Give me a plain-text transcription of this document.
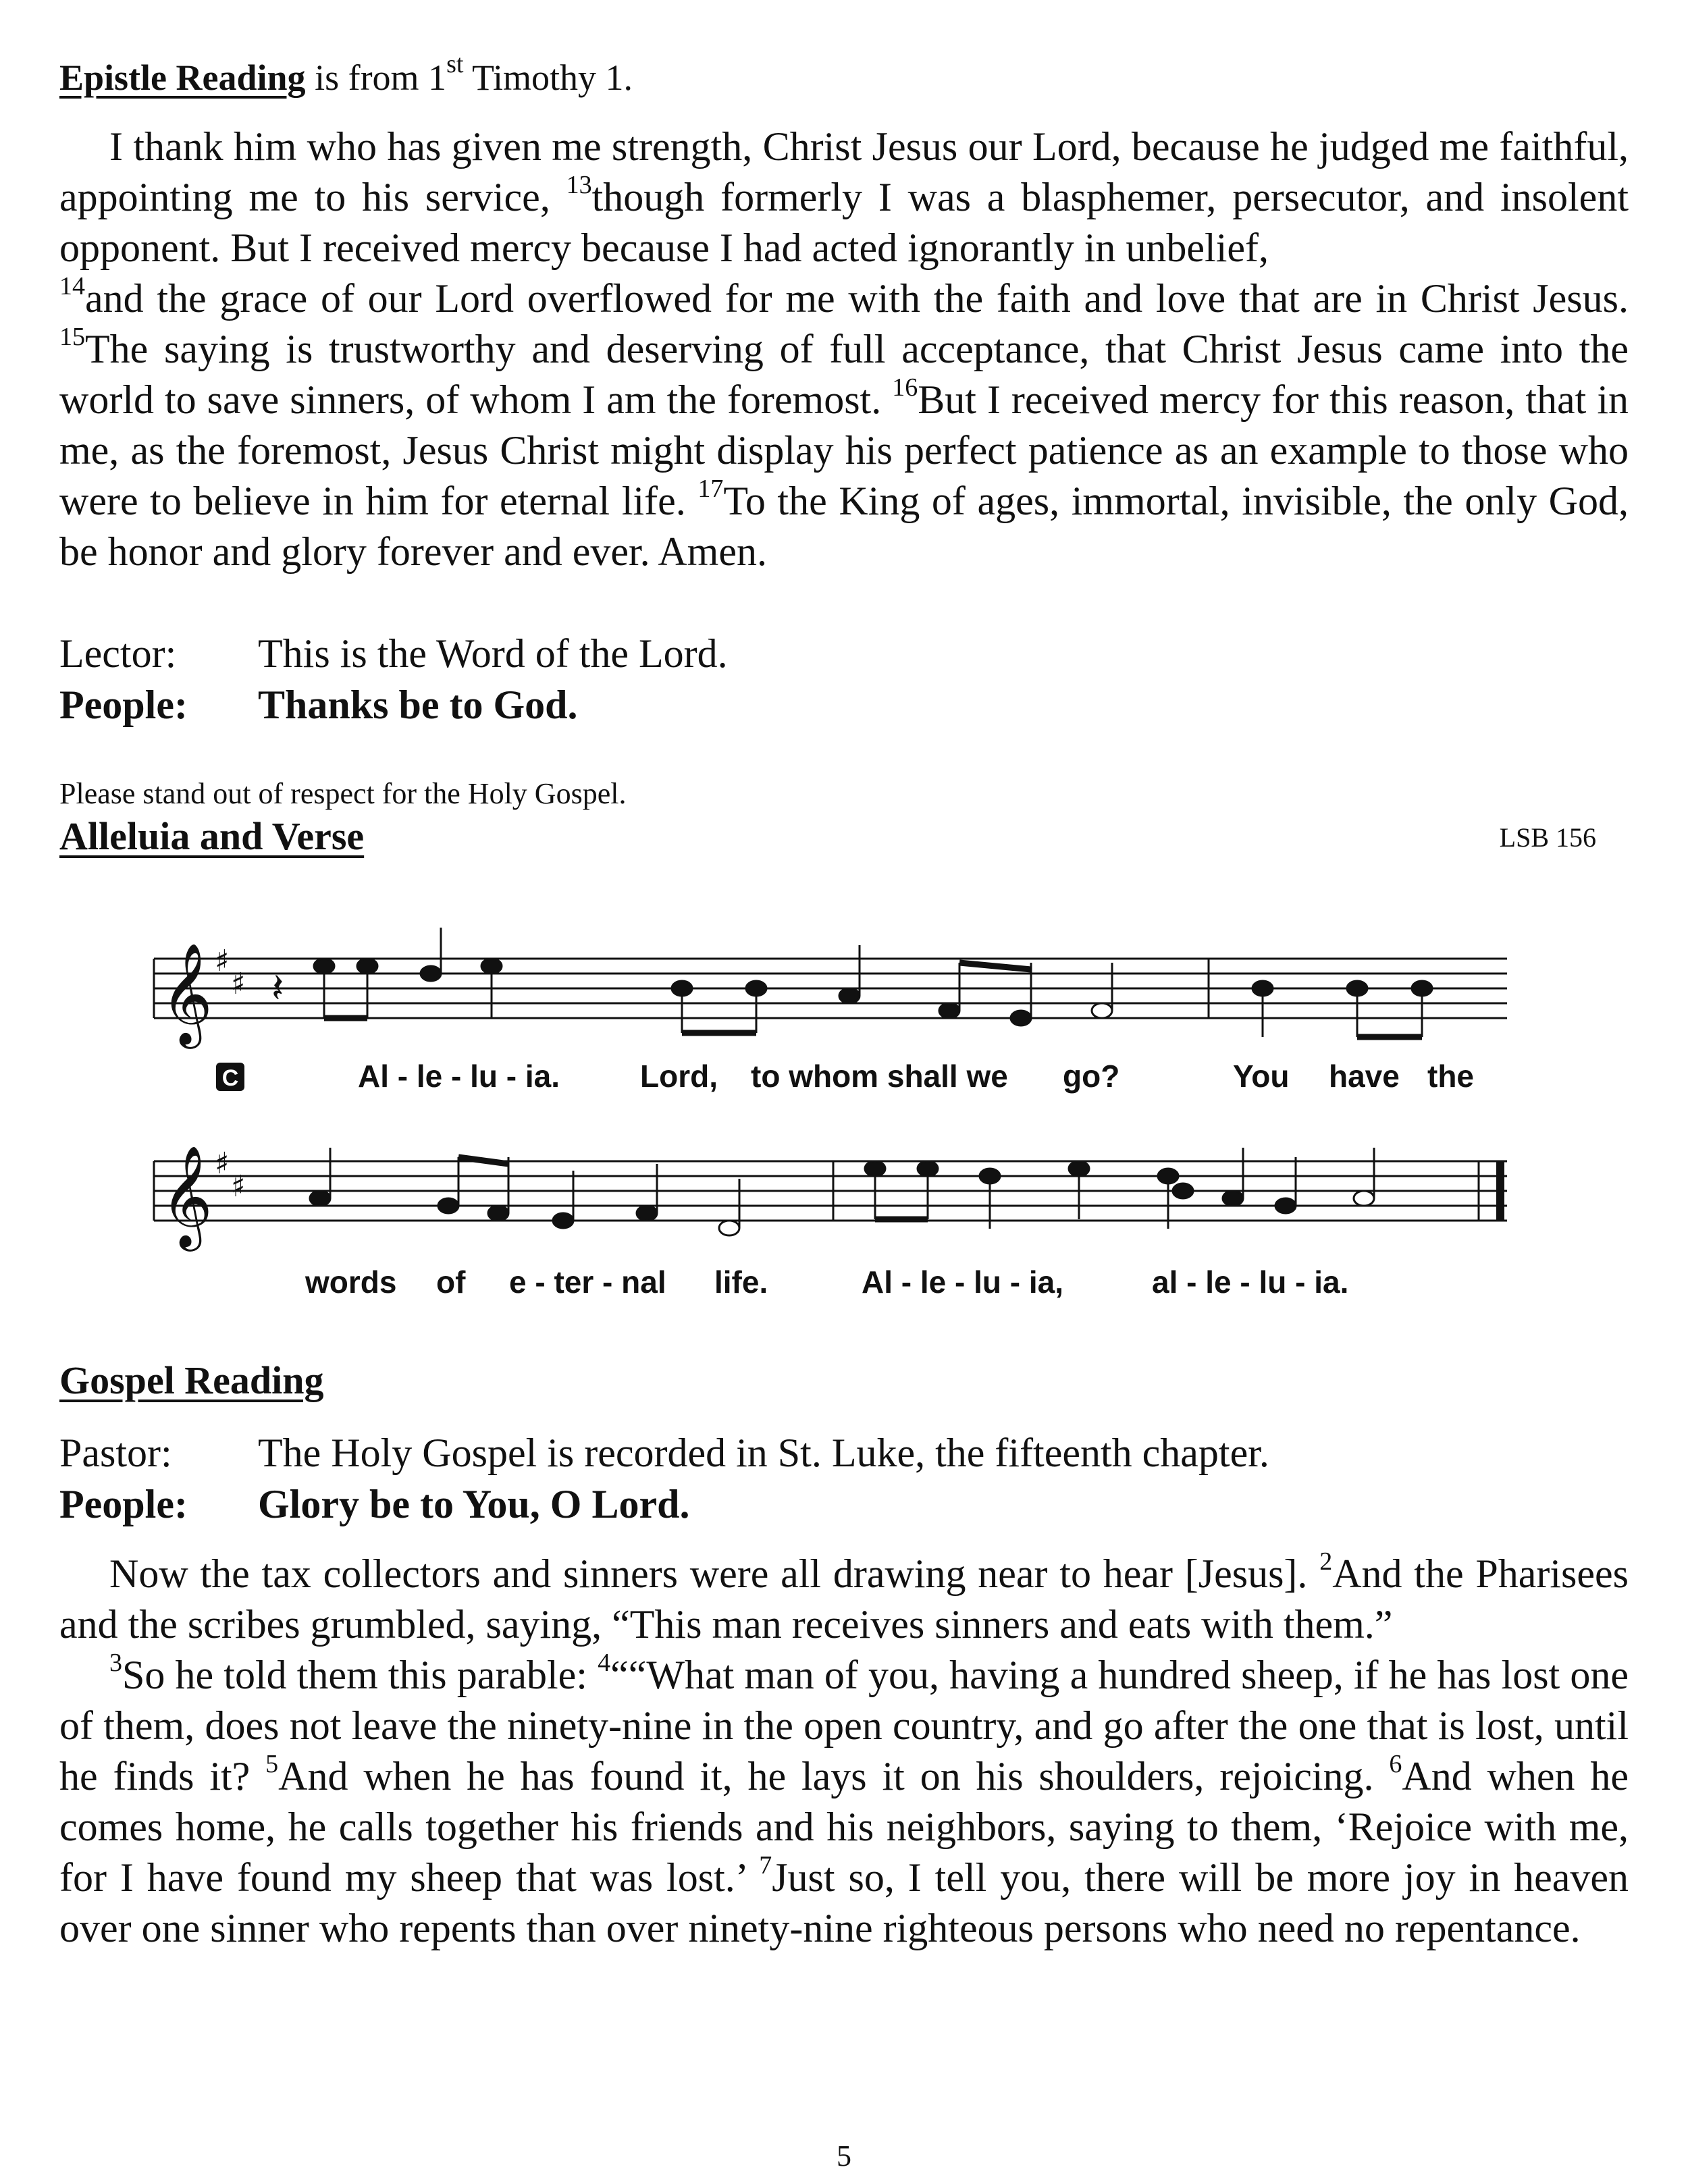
Epistle Reading is from 1st Timothy 1.

I thank him who has given me strength, Christ Jesus our Lord, because he judged me faithful, appointing me to his service, $^{13}$though formerly I was a blasphemer, persecutor, and insolent opponent. But I received mercy because I had acted ignorantly in unbelief,
$^{14}$and the grace of our Lord overflowed for me with the faith and love that are in Christ Jesus. $^{15}$The saying is trustworthy and deserving of full acceptance, that Christ Jesus came into the world to save sinners, of whom I am the foremost. $^{16}$But I received mercy for this reason, that in me, as the foremost, Jesus Christ might display his perfect patience as an example to those who were to believe in him for eternal life. $^{17}$To the King of ages, immortal, invisible, the only God, be honor and glory forever and ever. Amen.

Lector:	This is the Word of the Lord.
People:	Thanks be to God.

Please stand out of respect for the Holy Gospel.

Alleluia and Verse	LSB 156
𝄞 ♯
♯ 𝄽
C	Al - le - lu - ia.	Lord, to whom shall we go?	You have the
𝄞 ♯
♯
words of e - ter - nal life.	Al - le - lu - ia,	al - le - lu - ia.
Gospel Reading
Pastor:	The Holy Gospel is recorded in St. Luke, the fifteenth chapter.
People:	Glory be to You, O Lord.

Now the tax collectors and sinners were all drawing near to hear [Jesus]. $^2$And the Pharisees and the scribes grumbled, saying, “This man receives sinners and eats with them.”

$^3$So he told them this parable: $^4$““What man of you, having a hundred sheep, if he has lost one of them, does not leave the ninety-nine in the open country, and go after the one that is lost, until he finds it? $^5$And when he has found it, he lays it on his shoulders, rejoicing. $^6$And when he comes home, he calls together his friends and his neighbors, saying to them, ‘Rejoice with me, for I have found my sheep that was lost.’ $^7$Just so, I tell you, there will be more joy in heaven over one sinner who repents than over ninety-nine righteous persons who need no repentance.

5
